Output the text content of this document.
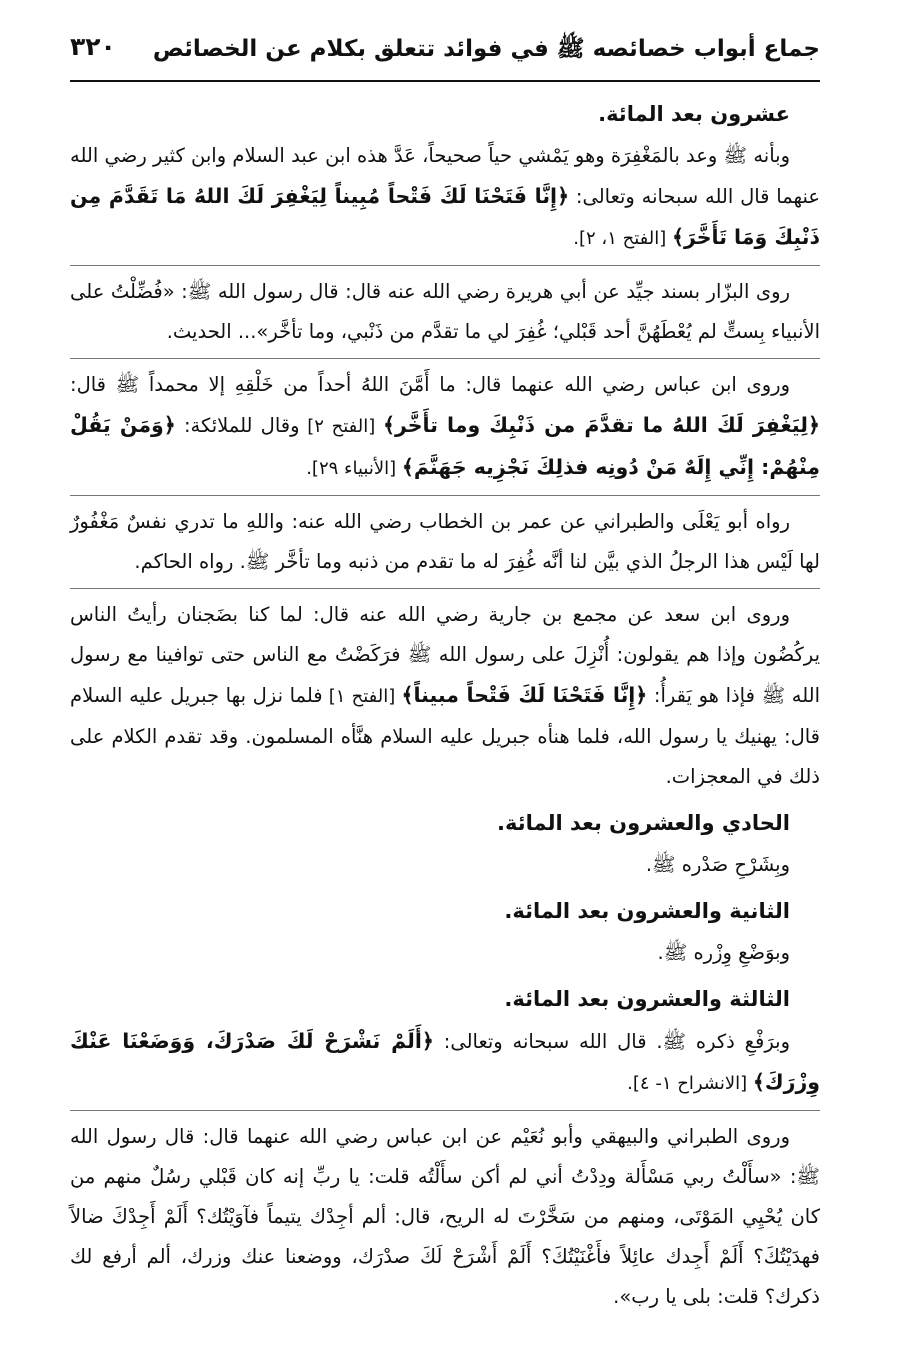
جماع أبواب خصائصه ﷺ في فوائد تتعلق بكلام عن الخصائص
٣٢٠
عشرون بعد المائة.

وبأنه ﷺ وعد بالمَغْفِرَة وهو يَمْشي حياً صحيحاً، عَدَّ هذه ابن عبد السلام وابن كثير رضي الله عنهما قال الله سبحانه وتعالى: ﴿إِنَّا فَتَحْنَا لَكَ فَتْحاً مُبِيناً لِيَغْفِرَ لَكَ اللهُ مَا تَقَدَّمَ مِن ذَنْبِكَ وَمَا تَأَخَّرَ﴾ [الفتح ١، ٢].

روى البزّار بسند جيِّد عن أبي هريرة رضي الله عنه قال: قال رسول الله ﷺ: «فُضِّلْتُ على الأنبياء بِستٍّ لم يُعْطَهُنَّ أحد قَبْلي؛ غُفِرَ لي ما تقدَّم من ذَنْبي، وما تأخَّر»... الحديث.

وروى ابن عباس رضي الله عنهما قال: ما أَمَّنَ اللهُ أحداً من خَلْقِهِ إلا محمداً ﷺ قال: ﴿لِيَغْفِرَ لَكَ اللهُ ما تقدَّمَ من ذَنْبِكَ وما تأَخَّر﴾ [الفتح ٢] وقال للملائكة: ﴿وَمَنْ يَقُلْ مِنْهُمْ: إِنِّي إِلَهٌ مَنْ دُونِه فذلِكَ نَجْزِيه جَهَنَّمَ﴾ [الأنبياء ٢٩].

رواه أبو يَعْلَى والطبراني عن عمر بن الخطاب رضي الله عنه: واللهِ ما تدري نفسٌ مَغْفُورٌ لها لَيْس هذا الرجلُ الذي بيَّن لنا أنَّه غُفِرَ له ما تقدم من ذنبه وما تأخَّر ﷺ. رواه الحاكم.

وروى ابن سعد عن مجمع بن جارية رضي الله عنه قال: لما كنا بضَجنان رأيتُ الناس يركُضُون وإذا هم يقولون: أُنْزِلَ على رسول الله ﷺ فرَكَضْتُ مع الناس حتى توافينا مع رسول الله ﷺ فإذا هو يَقرأُ: ﴿إِنَّا فَتَحْنَا لَكَ فَتْحاً مبيناً﴾ [الفتح ١] فلما نزل بها جبريل عليه السلام قال: يهنيك يا رسول الله، فلما هنأه جبريل عليه السلام هنَّأه المسلمون. وقد تقدم الكلام على ذلك في المعجزات.

الحادي والعشرون بعد المائة.

وبِشَرْحِ صَدْره ﷺ.

الثانية والعشرون بعد المائة.

وبوَضْعِ وِزْره ﷺ.

الثالثة والعشرون بعد المائة.

وبرَفْعِ ذكره ﷺ. قال الله سبحانه وتعالى: ﴿أَلَمْ نَشْرَحْ لَكَ صَدْرَكَ، وَوَضَعْنَا عَنْكَ وِزْرَكَ﴾ [الانشراح ١- ٤].

وروى الطبراني والبيهقي وأبو نُعَيْم عن ابن عباس رضي الله عنهما قال: قال رسول الله ﷺ: «سأَلْتُ ربي مَسْأَلة ودِدْتُ أني لم أكن سأَلْتُه قلت: يا ربِّ إنه كان قَبْلي رسُلٌ منهم من كان يُحْيِي المَوْتَى، ومنهم من سَخَّرْتَ له الريح، قال: ألم أجِدْك يتيماً فآوَيْتُك؟ أَلَمْ أَجِدْكَ ضالاً فهدَيْتُكَ؟ أَلَمْ أَجِدك عائِلاً فأَغْنَيْتُكَ؟ أَلَمْ أَشْرَحْ لَكَ صدْرَك، ووضعنا عنك وزرك، ألم أرفع لك ذكرك؟ قلت: بلى يا رب».
